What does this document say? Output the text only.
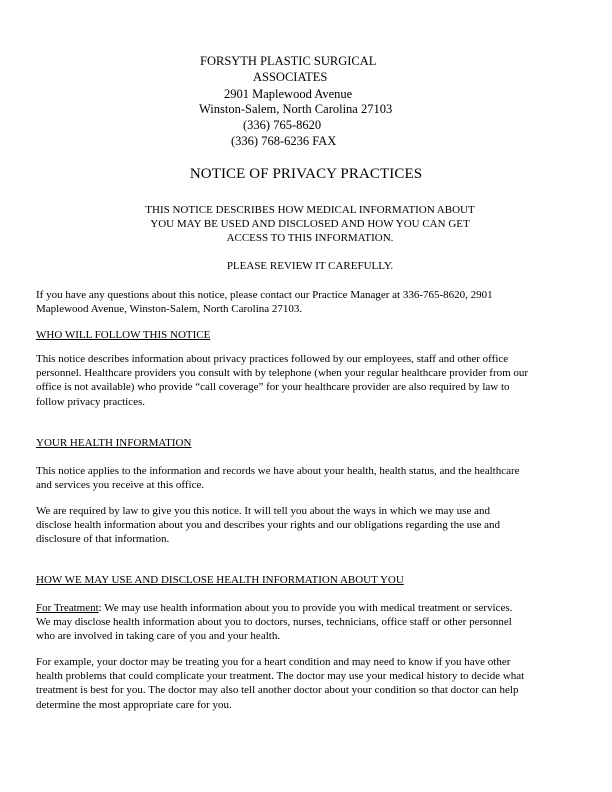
FORSYTH PLASTIC SURGICAL
ASSOCIATES
2901 Maplewood Avenue
Winston-Salem, North Carolina 27103
(336) 765-8620
(336) 768-6236 FAX
NOTICE OF PRIVACY PRACTICES
THIS NOTICE DESCRIBES HOW MEDICAL INFORMATION ABOUT
YOU MAY BE USED AND DISCLOSED AND HOW YOU CAN GET
ACCESS TO THIS INFORMATION.
PLEASE REVIEW IT CAREFULLY.
If you have any questions about this notice, please contact our Practice Manager at 336-765-8620, 2901
Maplewood Avenue, Winston-Salem, North Carolina 27103.
WHO WILL FOLLOW THIS NOTICE
This notice describes information about privacy practices followed by our employees, staff and other office
personnel. Healthcare providers you consult with by telephone (when your regular healthcare provider from our
office is not available) who provide “call coverage” for your healthcare provider are also required by law to
follow privacy practices.
YOUR HEALTH INFORMATION
This notice applies to the information and records we have about your health, health status, and the healthcare
and services you receive at this office.
We are required by law to give you this notice. It will tell you about the ways in which we may use and
disclose health information about you and describes your rights and our obligations regarding the use and
disclosure of that information.
HOW WE MAY USE AND DISCLOSE HEALTH INFORMATION ABOUT YOU
For Treatment: We may use health information about you to provide you with medical treatment or services.
We may disclose health information about you to doctors, nurses, technicians, office staff or other personnel
who are involved in taking care of you and your health.
For example, your doctor may be treating you for a heart condition and may need to know if you have other
health problems that could complicate your treatment. The doctor may use your medical history to decide what
treatment is best for you. The doctor may also tell another doctor about your condition so that doctor can help
determine the most appropriate care for you.
